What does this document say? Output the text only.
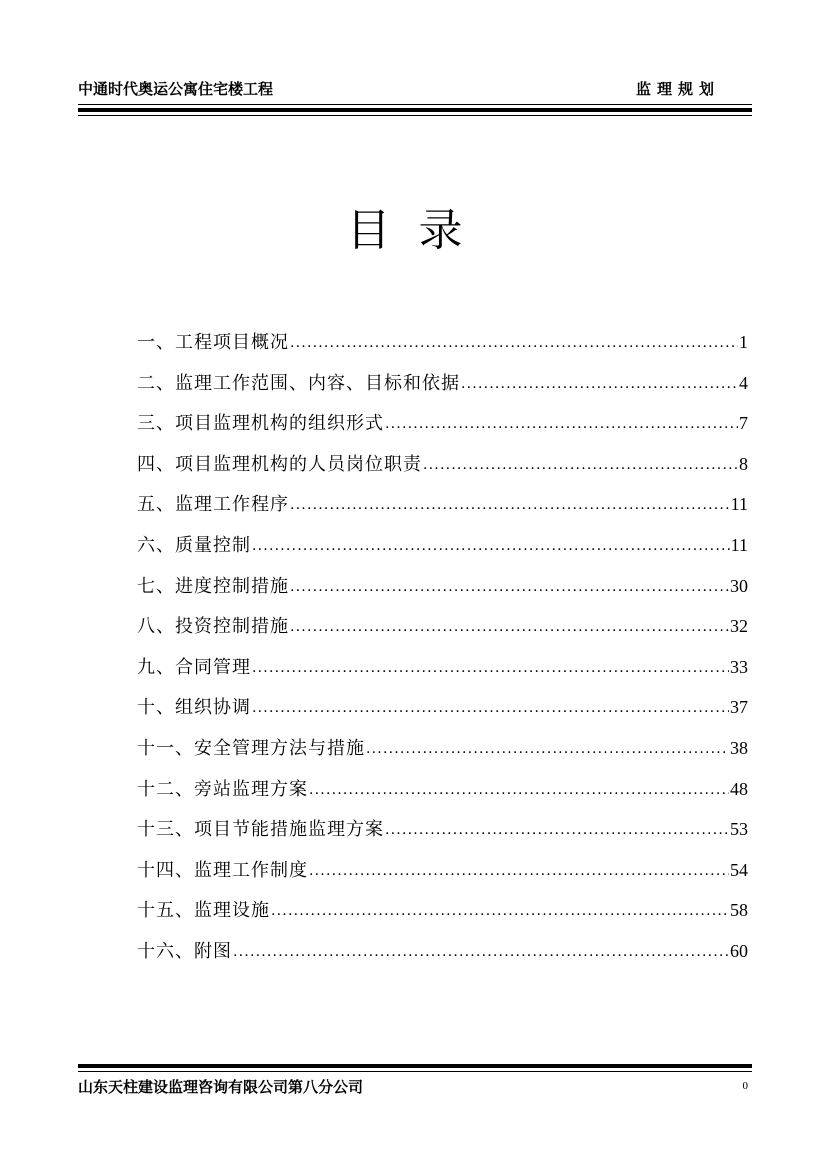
中通时代奥运公寓住宅楼工程	监理规划
目录
一、工程项目概况 .....	1
二、监理工作范围、内容、目标和依据 .....	4
三、项目监理机构的组织形式 .....	7
四、项目监理机构的人员岗位职责 .....	8
五、监理工作程序 .....	11
六、质量控制 .....	11
七、进度控制措施 .....	30
八、投资控制措施 .....	32
九、合同管理 .....	33
十、组织协调 .....	37
十一、安全管理方法与措施 .....	38
十二、旁站监理方案 .....	48
十三、项目节能措施监理方案 .....	53
十四、监理工作制度 .....	54
十五、监理设施 .....	58
十六、附图 .....	60
山东天柱建设监理咨询有限公司第八分公司	0
